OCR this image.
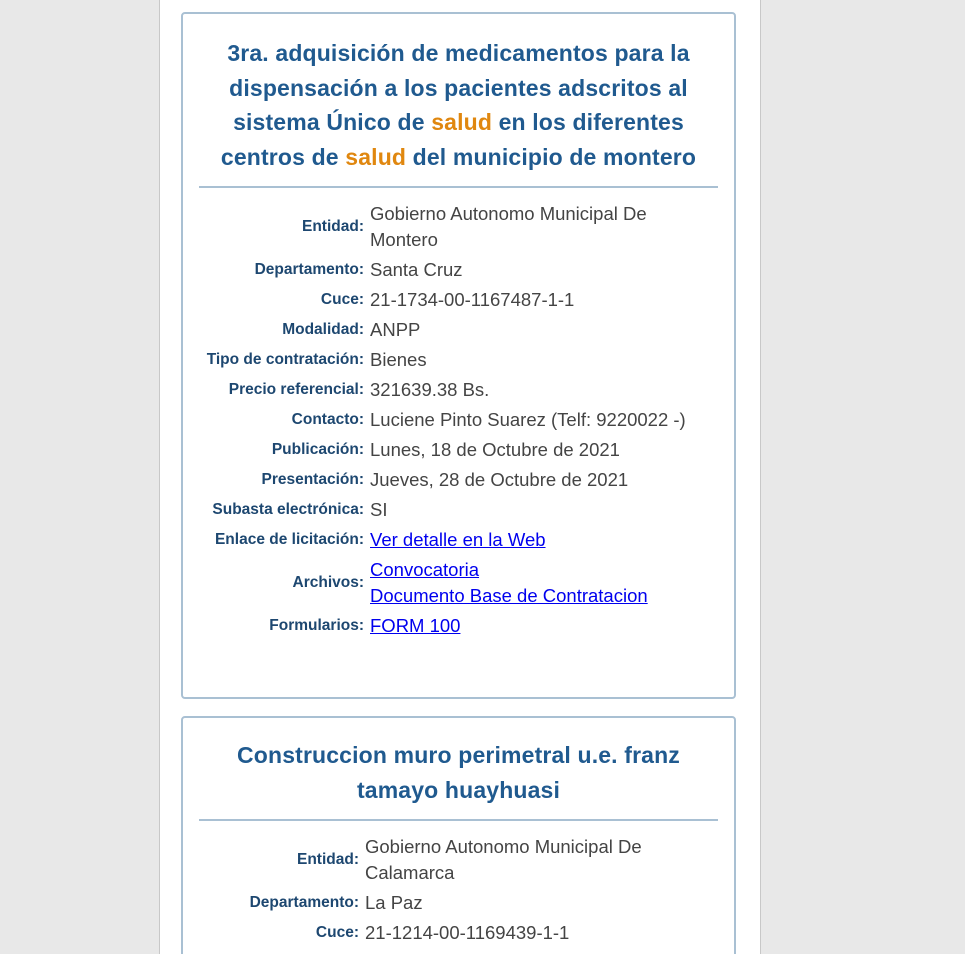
3ra. adquisición de medicamentos para la dispensación a los pacientes adscritos al sistema Único de salud en los diferentes centros de salud del municipio de montero
Entidad:	Gobierno Autonomo Municipal De Montero
Departamento:	Santa Cruz
Cuce:	21-1734-00-1167487-1-1
Modalidad:	ANPP
Tipo de contratación:	Bienes
Precio referencial:	321639.38 Bs.
Contacto:	Luciene Pinto Suarez (Telf: 9220022 -)
Publicación:	Lunes, 18 de Octubre de 2021
Presentación:	Jueves, 28 de Octubre de 2021
Subasta electrónica:	SI
Enlace de licitación:	Ver detalle en la Web

Archivos:	Convocatoria
Documento Base de Contratacion

Formularios:	FORM 100
Construccion muro perimetral u.e. franz tamayo huayhuasi
Entidad:	Gobierno Autonomo Municipal De Calamarca
Departamento:	La Paz
Cuce:	21-1214-00-1169439-1-1
